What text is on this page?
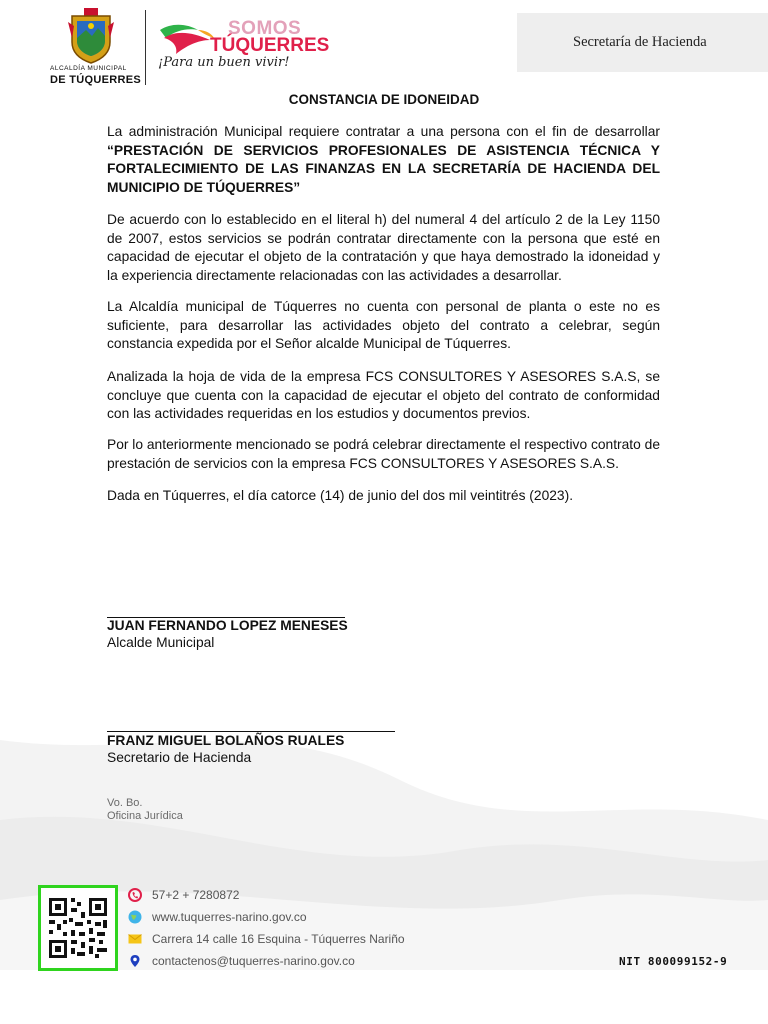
ALCALDÍA MUNICIPAL
DE TÚQUERRES
SOMOS
TÚQUERRES
¡Para un buen vivir!
Secretaría de Hacienda
CONSTANCIA DE IDONEIDAD

La administración Municipal requiere contratar a una persona con el fin de desarrollar “PRESTACIÓN DE SERVICIOS PROFESIONALES DE ASISTENCIA TÉCNICA Y FORTALECIMIENTO DE LAS FINANZAS EN LA SECRETARÍA DE HACIENDA DEL MUNICIPIO DE TÚQUERRES”

De acuerdo con lo establecido en el literal h) del numeral 4 del artículo 2 de la Ley 1150 de 2007, estos servicios se podrán contratar directamente con la persona que esté en capacidad de ejecutar el objeto de la contratación y que haya demostrado la idoneidad y la experiencia directamente relacionadas con las actividades a desarrollar.

La Alcaldía municipal de Túquerres no cuenta con personal de planta o este no es suficiente, para desarrollar las actividades objeto del contrato a celebrar, según constancia expedida por el Señor alcalde Municipal de Túquerres.

Analizada la hoja de vida de la empresa FCS CONSULTORES Y ASESORES S.A.S, se concluye que cuenta con la capacidad de ejecutar el objeto del contrato de conformidad con las actividades requeridas en los estudios y documentos previos.

Por lo anteriormente mencionado se podrá celebrar directamente el respectivo contrato de prestación de servicios con la empresa FCS CONSULTORES Y ASESORES S.A.S.

Dada en Túquerres, el día catorce (14) de junio del dos mil veintitrés (2023).

JUAN FERNANDO LOPEZ MENESES
Alcalde Municipal
FRANZ MIGUEL BOLAÑOS RUALES
Secretario de Hacienda
Vo. Bo.
Oficina Jurídica
57+2 + 7280872
www.tuquerres-narino.gov.co
Carrera 14 calle 16 Esquina - Túquerres Nariño
contactenos@tuquerres-narino.gov.co	NIT 800099152-9
